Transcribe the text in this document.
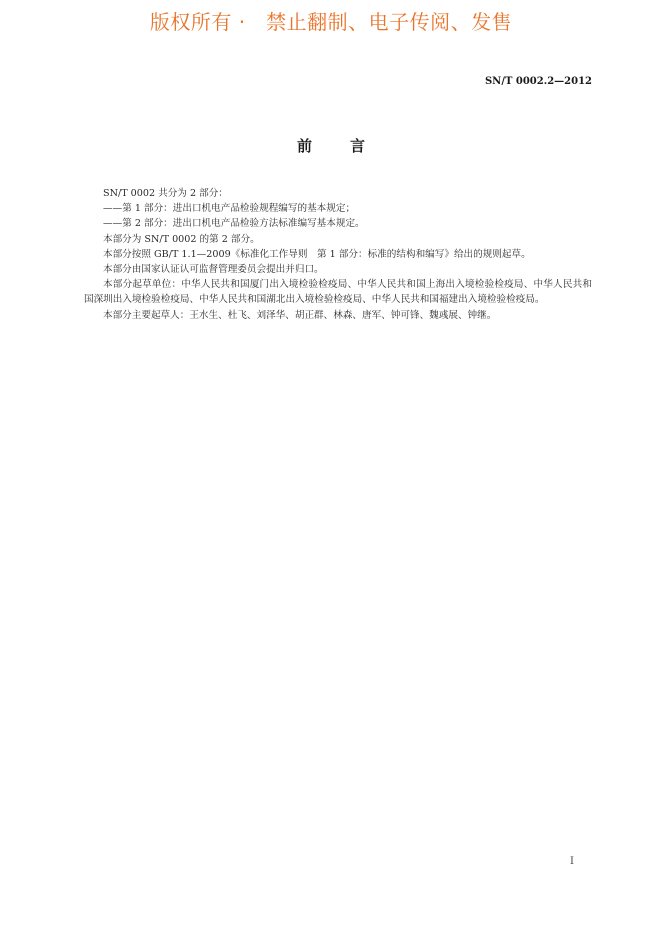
版权所有 ·　禁止翻制、电子传阅、发售
SN/T 0002.2—2012
前言

SN/T 0002 共分为 2 部分：

——第 1 部分：进出口机电产品检验规程编写的基本规定；

——第 2 部分：进出口机电产品检验方法标准编写基本规定。

本部分为 SN/T 0002 的第 2 部分。

本部分按照 GB/T 1.1—2009《标准化工作导则　第 1 部分：标准的结构和编写》给出的规则起草。

本部分由国家认证认可监督管理委员会提出并归口。

本部分起草单位：中华人民共和国厦门出入境检验检疫局、中华人民共和国上海出入境检验检疫局、中华人民共和国深圳出入境检验检疫局、中华人民共和国湖北出入境检验检疫局、中华人民共和国福建出入境检验检疫局。

本部分主要起草人：王水生、杜飞、刘泽华、胡正群、林森、唐军、钟可锋、魏彧展、钟继。

I
